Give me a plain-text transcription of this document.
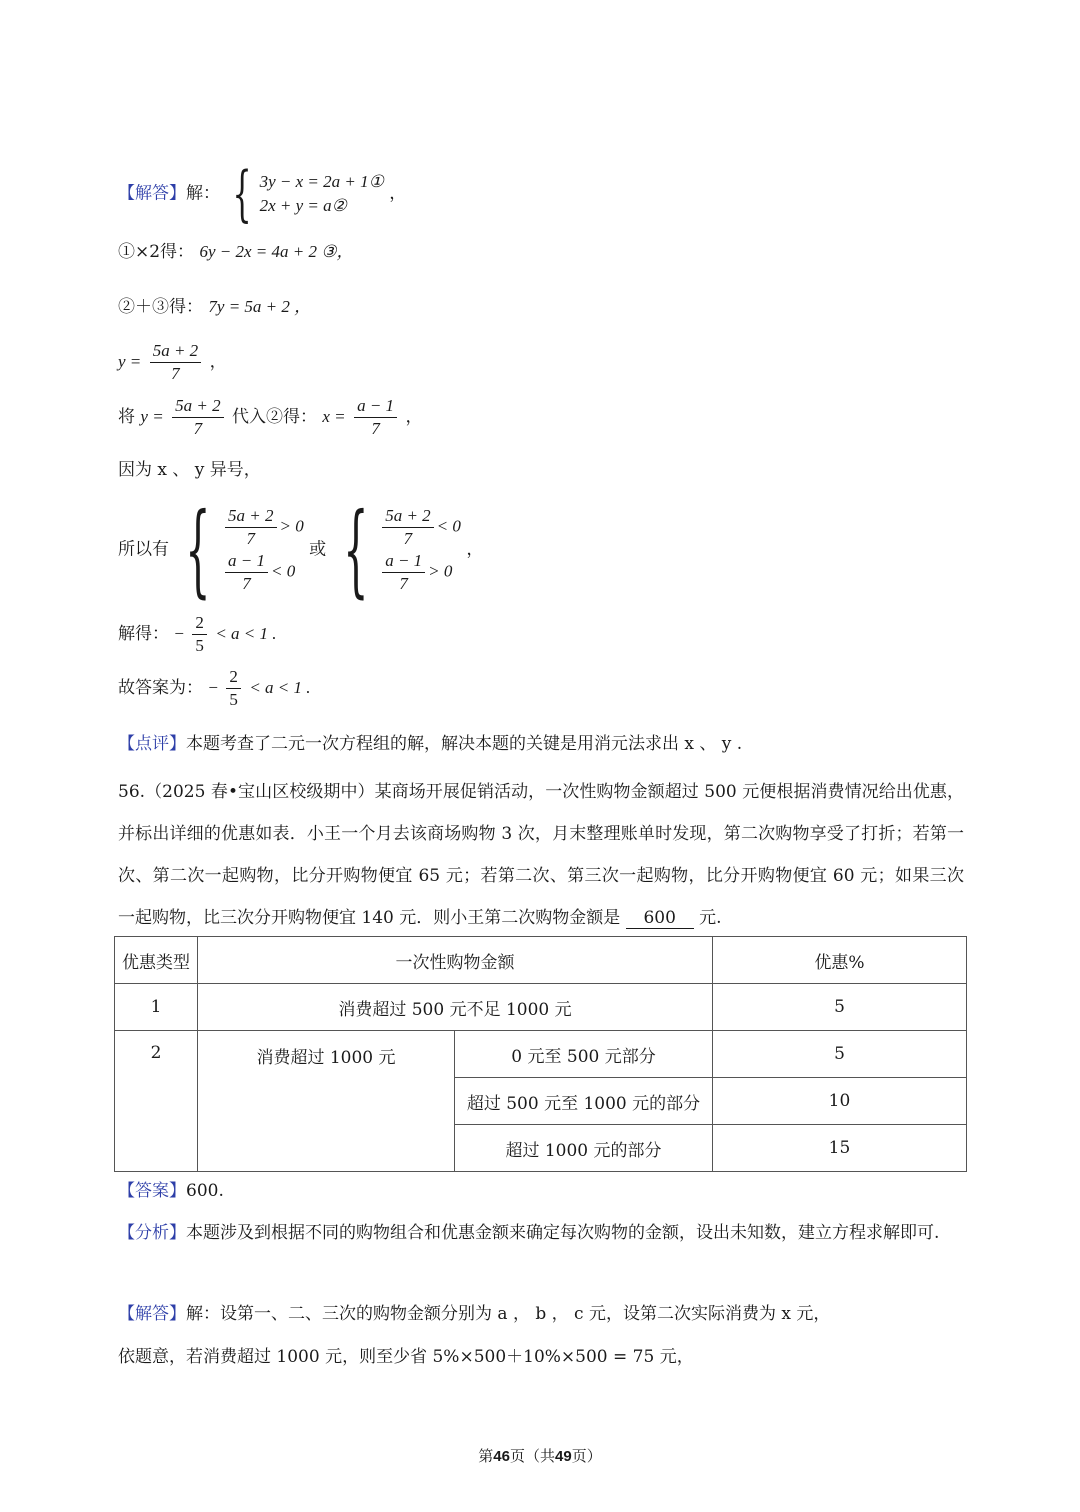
【解答】解： { 3y − x = 2a + 1①
2x + y = a②
，
①×2得： 6y − 2x = 4a + 2 ③，
②＋③得： 7y = 5a + 2 ，
$y = \frac{5a + 2}{7}$ ，
将 $y = \frac{5a + 2}{7}$ 代入②得： $x = \frac{a - 1}{7}$ ，
因为 x 、 y 异号，
所以有 { $\frac{5a + 2}{7} > 0$
$\frac{a - 1}{7} < 0$
或 { $\frac{5a + 2}{7} < 0$
$\frac{a - 1}{7} > 0$
，
解得： − $\frac{2}{5} < a < 1$ .
故答案为： − $\frac{2}{5} < a < 1$ .
【点评】本题考查了二元一次方程组的解，解决本题的关键是用消元法求出 x 、 y .
56.（2025 春•宝山区校级期中）某商场开展促销活动，一次性购物金额超过 500 元便根据消费情况给出优惠，并标出详细的优惠如表．小王一个月去该商场购物 3 次，月末整理账单时发现，第二次购物享受了打折；若第一次、第二次一起购物，比分开购物便宜 65 元；若第二次、第三次一起购物，比分开购物便宜 60 元；如果三次一起购物，比三次分开购物便宜 140 元．则小王第二次购物金额是 600 元.
优惠类型	一次性购物金额		优惠%
1	消费超过 500 元不足 1000 元		5
2	消费超过 1000 元	0 元至 500 元部分	5
		超过 500 元至 1000 元的部分	10
		超过 1000 元的部分	15
【答案】600.
【分析】本题涉及到根据不同的购物组合和优惠金额来确定每次购物的金额，设出未知数，建立方程求解即可.
【解答】解：设第一、二、三次的购物金额分别为 a ， b ， c 元，设第二次实际消费为 x 元，
依题意，若消费超过 1000 元，则至少省 5%×500＋10%×500 = 75 元，
第46页（共49页）
